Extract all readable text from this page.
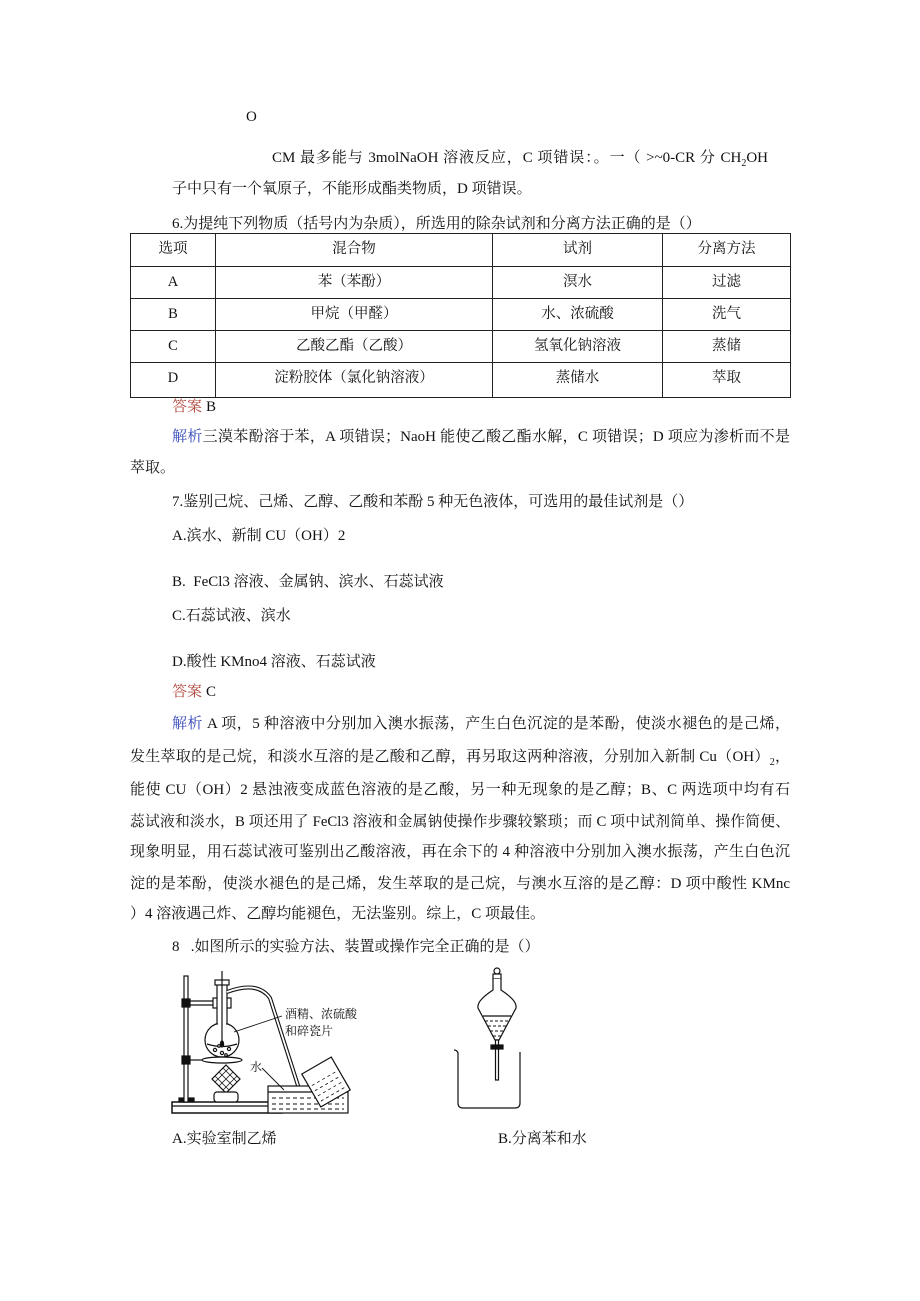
O
CM 最多能与 3molNaOH 溶液反应，C 项错误：。一（ >~0-CR 分 $CH_2OH$
子中只有一个氧原子，不能形成酯类物质，D 项错误。
6.为提纯下列物质（括号内为杂质），所选用的除杂试剂和分离方法正确的是（）
选项	混合物	试剂	分离方法
A	苯（苯酚）	溟水	过滤
B	甲烷（甲醛）	水、浓硫酸	洗气
C	乙酸乙酯（乙酸）	氢氧化钠溶液	蒸储
D	淀粉胶体（氯化钠溶液）	蒸储水	萃取
答案 B
解析三漠苯酚溶于苯，A 项错误；NaoH 能使乙酸乙酯水解，C 项错误；D 项应为渗析而不是
萃取。
7.鉴别己烷、己烯、乙醇、乙酸和苯酚 5 种无色液体，可选用的最佳试剂是（）
A.滨水、新制 CU（OH）2
B.  FeCl3 溶液、金属钠、滨水、石蕊试液
C.石蕊试液、滨水
D.酸性 KMno4 溶液、石蕊试液
答案 C
解析 A 项，5 种溶液中分别加入澳水振荡，产生白色沉淀的是苯酚，使淡水褪色的是己烯，
发生萃取的是己烷，和淡水互溶的是乙酸和乙醇，再另取这两种溶液，分别加入新制 $Cu(OH)_2$，
能使 CU（OH）2 悬浊液变成蓝色溶液的是乙酸，另一种无现象的是乙醇；B、C 两选项中均有石
蕊试液和淡水，B 项还用了 FeCl3 溶液和金属钠使操作步骤较繁琐；而 C 项中试剂简单、操作简便、
现象明显，用石蕊试液可鉴别出乙酸溶液，再在余下的 4 种溶液中分别加入澳水振荡，产生白色沉
淀的是苯酚，使淡水褪色的是己烯，发生萃取的是己烷，与澳水互溶的是乙醇：D 项中酸性 KMnc
）4 溶液遇己炸、乙醇均能褪色，无法鉴别。综上，C 项最佳。
8   .如图所示的实验方法、装置或操作完全正确的是（）
酒精、浓硫酸
和碎瓷片
水
A.实验室制乙烯	B.分离苯和水
